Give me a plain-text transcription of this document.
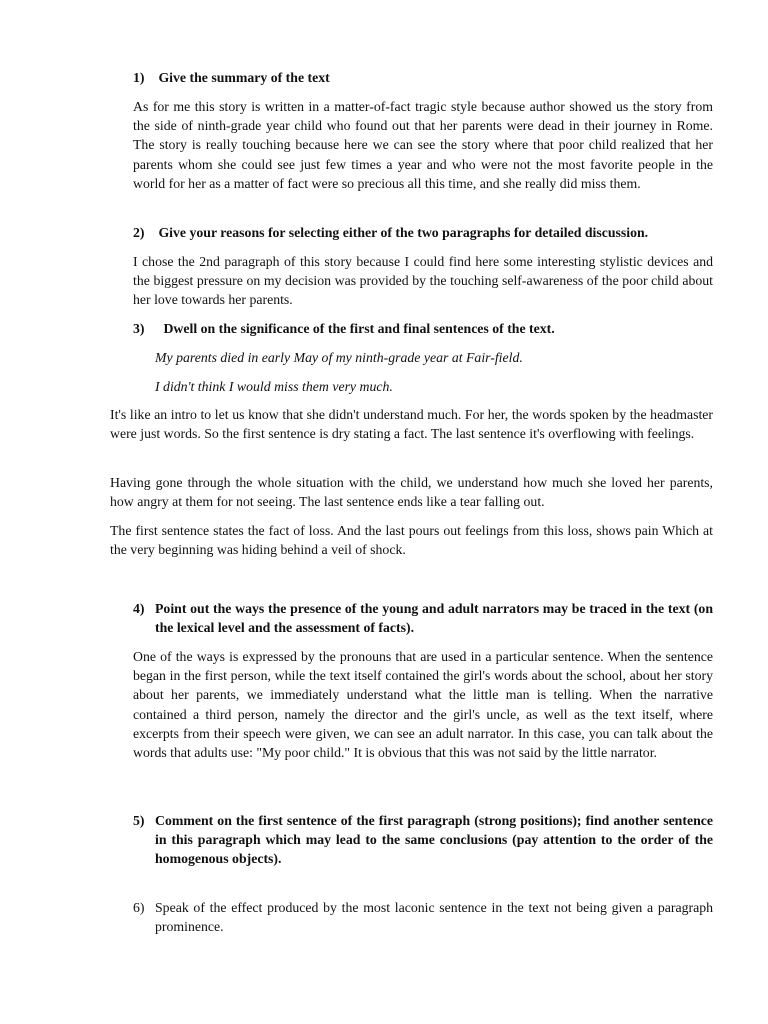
1) Give the summary of the text

As for me this story is written in a matter-of-fact tragic style because author showed us the story from the side of ninth-grade year child who found out that her parents were dead in their journey in Rome. The story is really touching because here we can see the story where that poor child realized that her parents whom she could see just few times a year and who were not the most favorite people in the world for her as a matter of fact were so precious all this time, and she really did miss them.

2) Give your reasons for selecting either of the two paragraphs for detailed discussion.

I chose the 2nd paragraph of this story because I could find here some interesting stylistic devices and the biggest pressure on my decision was provided by the touching self-awareness of the poor child about her love towards her parents.

3) Dwell on the significance of the first and final sentences of the text.

My parents died in early May of my ninth-grade year at Fair-field.

I didn't think I would miss them very much.

It's like an intro to let us know that she didn't understand much. For her, the words spoken by the headmaster were just words. So the first sentence is dry stating a fact. The last sentence it's overflowing with feelings.

Having gone through the whole situation with the child, we understand how much she loved her parents, how angry at them for not seeing. The last sentence ends like a tear falling out.

The first sentence states the fact of loss. And the last pours out feelings from this loss, shows pain Which at the very beginning was hiding behind a veil of shock.

4) Point out the ways the presence of the young and adult narrators may be traced in the text (on the lexical level and the assessment of facts).

One of the ways is expressed by the pronouns that are used in a particular sentence. When the sentence began in the first person, while the text itself contained the girl's words about the school, about her story about her parents, we immediately understand what the little man is telling. When the narrative contained a third person, namely the director and the girl's uncle, as well as the text itself, where excerpts from their speech were given, we can see an adult narrator. In this case, you can talk about the words that adults use: "My poor child." It is obvious that this was not said by the little narrator.

5) Comment on the first sentence of the first paragraph (strong positions); find another sentence in this paragraph which may lead to the same conclusions (pay attention to the order of the homogenous objects).
6) Speak of the effect produced by the most laconic sentence in the text not being given a paragraph prominence.
